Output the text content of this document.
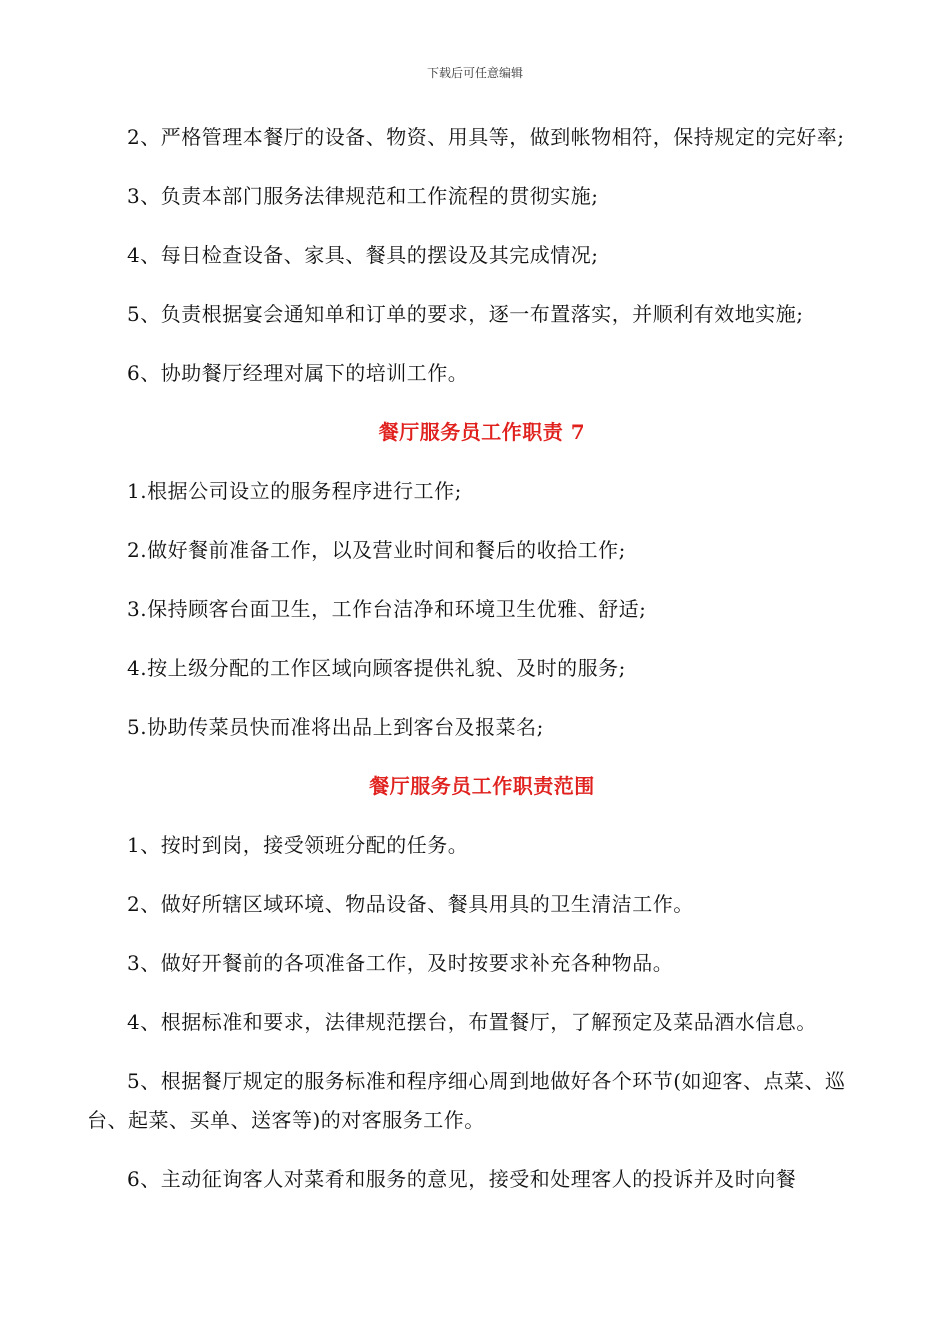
下载后可任意编辑

2、严格管理本餐厅的设备、物资、用具等，做到帐物相符，保持规定的完好率;

3、负责本部门服务法律规范和工作流程的贯彻实施;

4、每日检查设备、家具、餐具的摆设及其完成情况;

5、负责根据宴会通知单和订单的要求，逐一布置落实，并顺利有效地实施;

6、协助餐厅经理对属下的培训工作。

餐厅服务员工作职责 7

1.根据公司设立的服务程序进行工作;

2.做好餐前准备工作，以及营业时间和餐后的收拾工作;

3.保持顾客台面卫生，工作台洁净和环境卫生优雅、舒适;

4.按上级分配的工作区域向顾客提供礼貌、及时的服务;

5.协助传菜员快而准将出品上到客台及报菜名;

餐厅服务员工作职责范围

1、按时到岗，接受领班分配的任务。

2、做好所辖区域环境、物品设备、餐具用具的卫生清洁工作。

3、做好开餐前的各项准备工作，及时按要求补充各种物品。

4、根据标准和要求，法律规范摆台，布置餐厅，了解预定及菜品酒水信息。

5、根据餐厅规定的服务标准和程序细心周到地做好各个环节(如迎客、点菜、巡台、起菜、买单、送客等)的对客服务工作。

6、主动征询客人对菜肴和服务的意见，接受和处理客人的投诉并及时向餐
